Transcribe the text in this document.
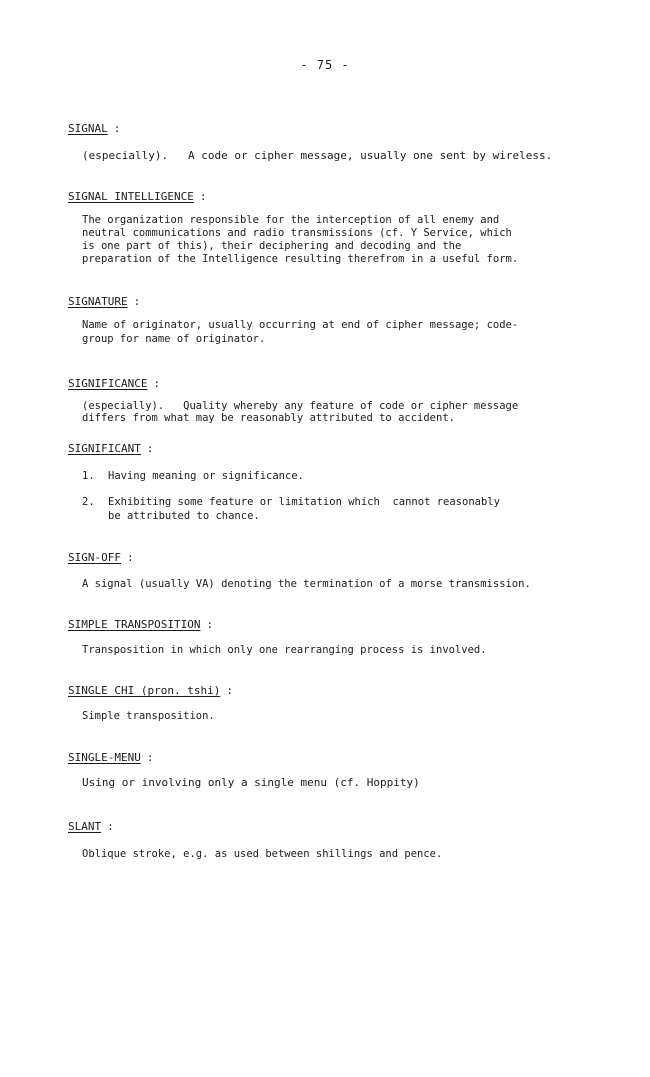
- 75 -
SIGNAL :
(especially).   A code or cipher message, usually one sent by wireless.
SIGNAL INTELLIGENCE :
The organization responsible for the interception of all enemy and
neutral communications and radio transmissions (cf. Y Service, which
is one part of this), their deciphering and decoding and the
preparation of the Intelligence resulting therefrom in a useful form.
SIGNATURE :
Name of originator, usually occurring at end of cipher message; code-
group for name of originator.
SIGNIFICANCE :
(especially).   Quality whereby any feature of code or cipher message
differs from what may be reasonably attributed to accident.
SIGNIFICANT :
1.	Having meaning or significance.
2.	Exhibiting some feature or limitation which  cannot reasonably
be attributed to chance.
SIGN-OFF :
A signal (usually VA) denoting the termination of a morse transmission.
SIMPLE TRANSPOSITION :
Transposition in which only one rearranging process is involved.
SINGLE CHI (pron. tshi) :
Simple transposition.
SINGLE-MENU :
Using or involving only a single menu (cf. Hoppity)
SLANT :
Oblique stroke, e.g. as used between shillings and pence.
